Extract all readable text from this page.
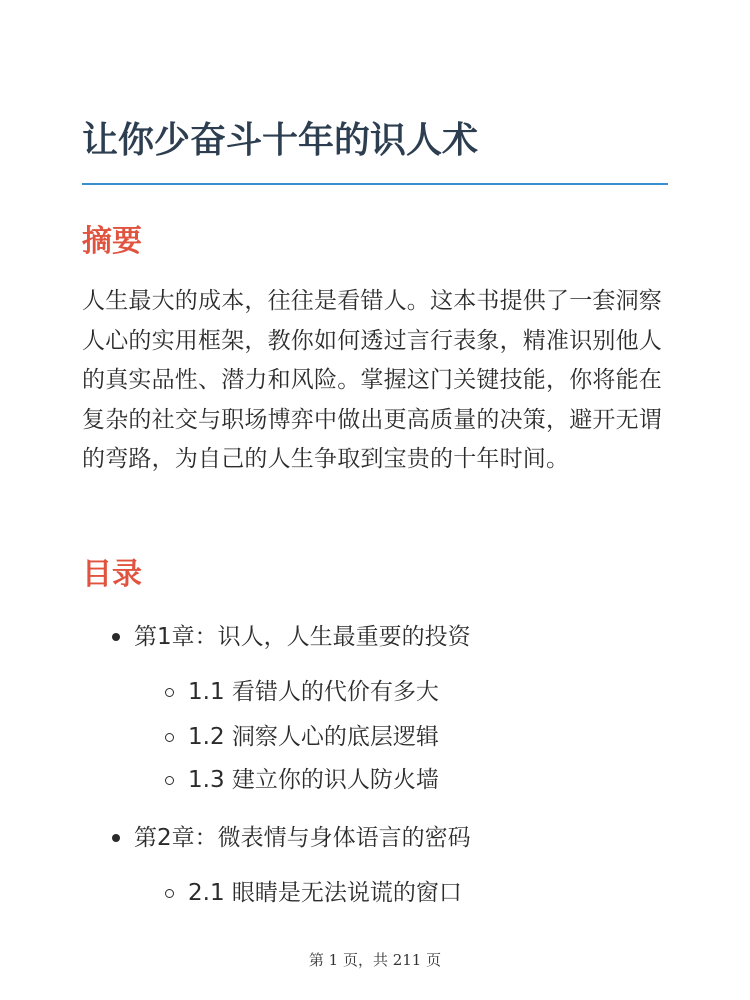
让你少奋斗十年的识人术
摘要
人生最大的成本，往往是看错人。这本书提供了一套洞察人心的实用框架，教你如何透过言行表象，精准识别他人的真实品性、潜力和风险。掌握这门关键技能，你将能在复杂的社交与职场博弈中做出更高质量的决策，避开无谓的弯路，为自己的人生争取到宝贵的十年时间。
目录
第1章：识人，人生最重要的投资
1.1 看错人的代价有多大
1.2 洞察人心的底层逻辑
1.3 建立你的识人防火墙
第2章：微表情与身体语言的密码
2.1 眼睛是无法说谎的窗口
第 1 页，共 211 页
